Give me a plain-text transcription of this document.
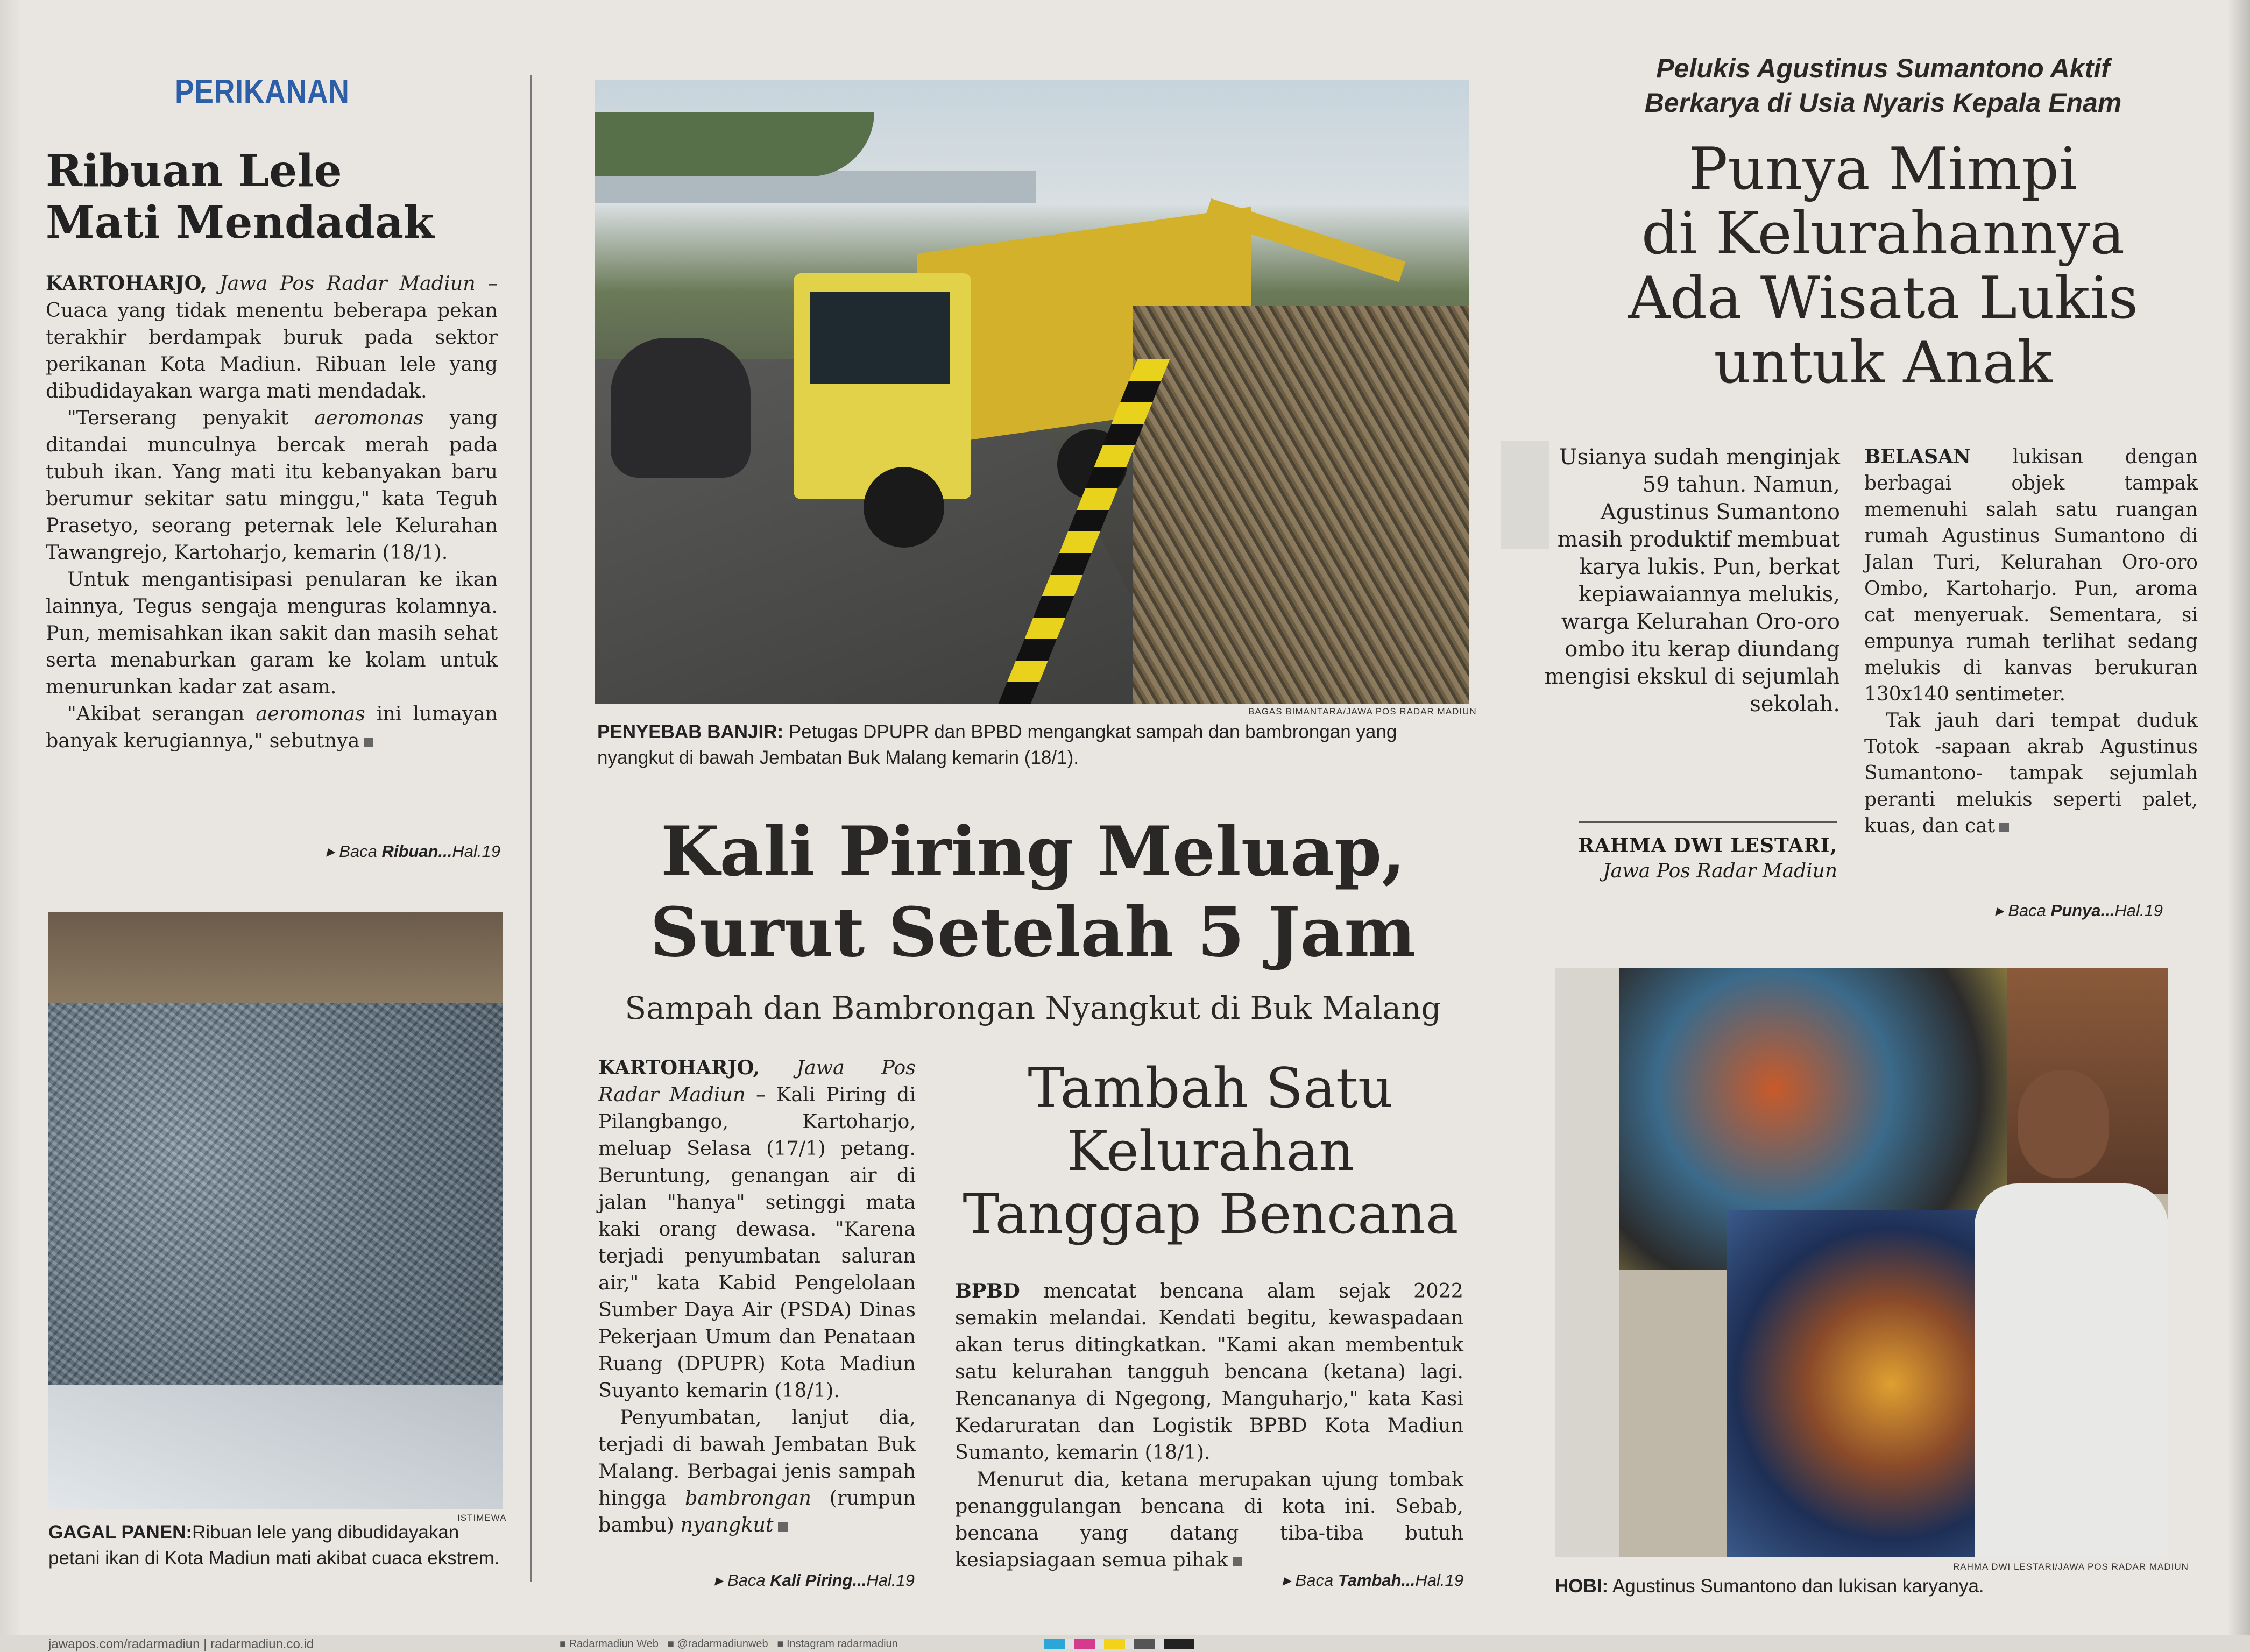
PERIKANAN
Ribuan Lele
Mati Mendadak

KARTOHARJO, Jawa Pos Radar Madiun – Cuaca yang tidak menentu beberapa pekan terakhir berdampak buruk pada sektor perikanan Kota Madiun. Ribuan lele yang dibudidayakan warga mati mendadak.

"Terserang penyakit aeromonas yang ditandai munculnya bercak merah pada tubuh ikan. Yang mati itu kebanyakan baru berumur sekitar satu minggu," kata Teguh Prasetyo, seorang peternak lele Kelurahan Tawangrejo, Kartoharjo, kemarin (18/1).

Untuk mengantisipasi penularan ke ikan lainnya, Tegus sengaja menguras kolamnya. Pun, memisahkan ikan sakit dan masih sehat serta menaburkan garam ke kolam untuk menurunkan kadar zat asam.

"Akibat serangan aeromonas ini lumayan banyak kerugiannya," sebutnya

▸ Baca Ribuan...Hal.19
ISTIMEWA
GAGAL PANEN:Ribuan lele yang dibudidayakan petani ikan di Kota Madiun mati akibat cuaca ekstrem.
BAGAS BIMANTARA/JAWA POS RADAR MADIUN
PENYEBAB BANJIR: Petugas DPUPR dan BPBD mengangkat sampah dan bambrongan yang nyangkut di bawah Jembatan Buk Malang kemarin (18/1).
Kali Piring Meluap,
Surut Setelah 5 Jam
Sampah dan Bambrongan Nyangkut di Buk Malang

KARTOHARJO, Jawa Pos Radar Madiun – Kali Piring di Pilangbango, Kartoharjo, meluap Selasa (17/1) petang. Beruntung, genangan air di jalan "hanya" setinggi mata kaki orang dewasa. "Karena terjadi penyumbatan saluran air," kata Kabid Pengelolaan Sumber Daya Air (PSDA) Dinas Pekerjaan Umum dan Penataan Ruang (DPUPR) Kota Madiun Suyanto kemarin (18/1).

Penyumbatan, lanjut dia, terjadi di bawah Jembatan Buk Malang. Berbagai jenis sampah hingga bambrongan (rumpun bambu) nyangkut

▸ Baca Kali Piring...Hal.19
Tambah Satu
Kelurahan
Tanggap Bencana

BPBD mencatat bencana alam sejak 2022 semakin melandai. Kendati begitu, kewaspadaan akan terus ditingkatkan. "Kami akan membentuk satu kelurahan tangguh bencana (ketana) lagi. Rencananya di Ngegong, Manguharjo," kata Kasi Kedaruratan dan Logistik BPBD Kota Madiun Sumanto, kemarin (18/1).

Menurut dia, ketana merupakan ujung tombak penanggulangan bencana di kota ini. Sebab, bencana yang datang tiba-tiba butuh kesiapsiagaan semua pihak

▸ Baca Tambah...Hal.19
Pelukis Agustinus Sumantono Aktif
Berkarya di Usia Nyaris Kepala Enam
Punya Mimpi
di Kelurahannya
Ada Wisata Lukis
untuk Anak
Usianya sudah menginjak 59 tahun. Namun, Agustinus Sumantono masih produktif membuat karya lukis. Pun, berkat kepiawaiannya melukis, warga Kelurahan Oro-oro ombo itu kerap diundang mengisi ekskul di sejumlah sekolah.
RAHMA DWI LESTARI,
Jawa Pos Radar Madiun

BELASAN lukisan dengan berbagai objek tampak memenuhi salah satu ruangan rumah Agustinus Sumantono di Jalan Turi, Kelurahan Oro-oro Ombo, Kartoharjo. Pun, aroma cat menyeruak. Sementara, si empunya rumah terlihat sedang melukis di kanvas berukuran 130x140 sentimeter.

Tak jauh dari tempat duduk Totok -sapaan akrab Agustinus Sumantono- tampak sejumlah peranti melukis seperti palet, kuas, dan cat

▸ Baca Punya...Hal.19
RAHMA DWI LESTARI/JAWA POS RADAR MADIUN
HOBI: Agustinus Sumantono dan lukisan karyanya.
jawapos.com/radarmadiun | radarmadiun.co.id	■ Radarmadiun Web ■ @radarmadiunweb ■ Instagram radarmadiun
